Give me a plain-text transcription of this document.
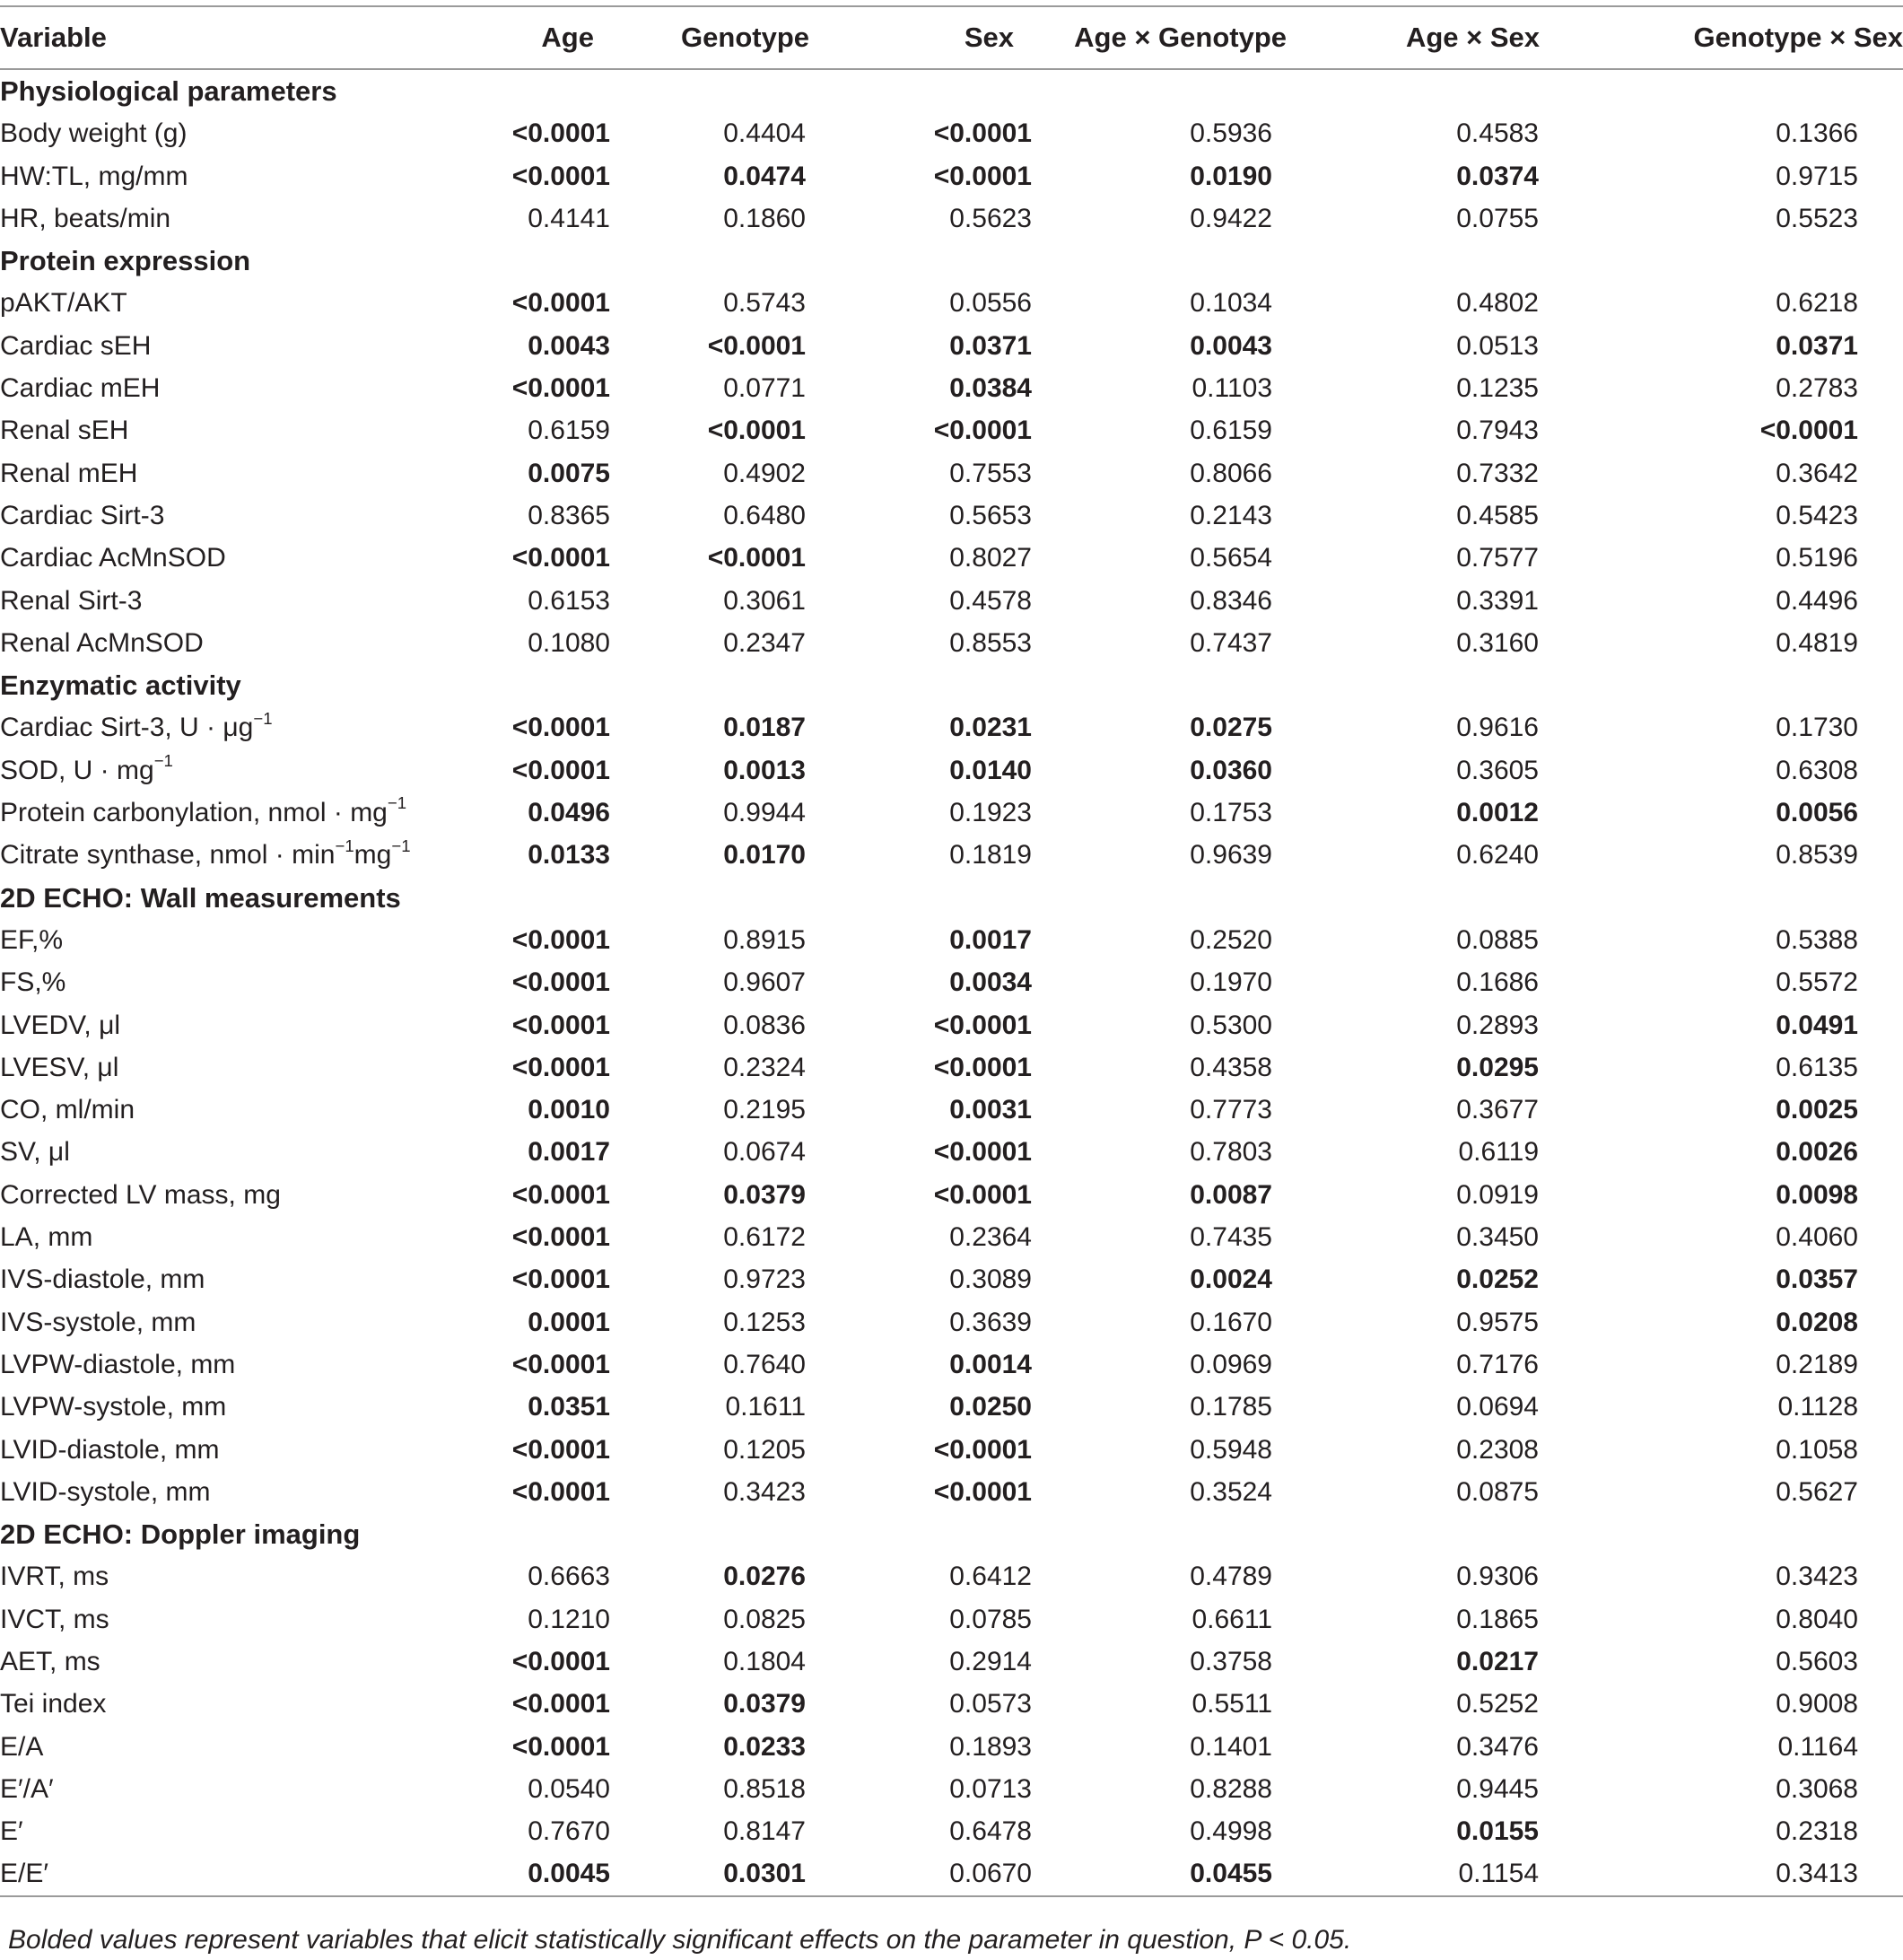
Variable	Age	Genotype	Sex	Age × Genotype	Age × Sex	Genotype × Sex
Physiological parameters						
Body weight (g)	<0.0001	0.4404	<0.0001	0.5936	0.4583	0.1366
HW:TL, mg/mm	<0.0001	0.0474	<0.0001	0.0190	0.0374	0.9715
HR, beats/min	0.4141	0.1860	0.5623	0.9422	0.0755	0.5523
Protein expression						
pAKT/AKT	<0.0001	0.5743	0.0556	0.1034	0.4802	0.6218
Cardiac sEH	0.0043	<0.0001	0.0371	0.0043	0.0513	0.0371
Cardiac mEH	<0.0001	0.0771	0.0384	0.1103	0.1235	0.2783
Renal sEH	0.6159	<0.0001	<0.0001	0.6159	0.7943	<0.0001
Renal mEH	0.0075	0.4902	0.7553	0.8066	0.7332	0.3642
Cardiac Sirt-3	0.8365	0.6480	0.5653	0.2143	0.4585	0.5423
Cardiac AcMnSOD	<0.0001	<0.0001	0.8027	0.5654	0.7577	0.5196
Renal Sirt-3	0.6153	0.3061	0.4578	0.8346	0.3391	0.4496
Renal AcMnSOD	0.1080	0.2347	0.8553	0.7437	0.3160	0.4819
Enzymatic activity						
Cardiac Sirt-3, $U \cdot \mu g^{-1}$	<0.0001	0.0187	0.0231	0.0275	0.9616	0.1730
SOD, $U \cdot mg^{-1}$	<0.0001	0.0013	0.0140	0.0360	0.3605	0.6308
Protein carbonylation, nmol · $mg^{-1}$	0.0496	0.9944	0.1923	0.1753	0.0012	0.0056
Citrate synthase, nmol · $\min^{-1}mg^{-1}$	0.0133	0.0170	0.1819	0.9639	0.6240	0.8539
2D ECHO: Wall measurements						
EF,%	<0.0001	0.8915	0.0017	0.2520	0.0885	0.5388
FS,%	<0.0001	0.9607	0.0034	0.1970	0.1686	0.5572
LVEDV, μl	<0.0001	0.0836	<0.0001	0.5300	0.2893	0.0491
LVESV, μl	<0.0001	0.2324	<0.0001	0.4358	0.0295	0.6135
CO, ml/min	0.0010	0.2195	0.0031	0.7773	0.3677	0.0025
SV, μl	0.0017	0.0674	<0.0001	0.7803	0.6119	0.0026
Corrected LV mass, mg	<0.0001	0.0379	<0.0001	0.0087	0.0919	0.0098
LA, mm	<0.0001	0.6172	0.2364	0.7435	0.3450	0.4060
IVS-diastole, mm	<0.0001	0.9723	0.3089	0.0024	0.0252	0.0357
IVS-systole, mm	0.0001	0.1253	0.3639	0.1670	0.9575	0.0208
LVPW-diastole, mm	<0.0001	0.7640	0.0014	0.0969	0.7176	0.2189
LVPW-systole, mm	0.0351	0.1611	0.0250	0.1785	0.0694	0.1128
LVID-diastole, mm	<0.0001	0.1205	<0.0001	0.5948	0.2308	0.1058
LVID-systole, mm	<0.0001	0.3423	<0.0001	0.3524	0.0875	0.5627
2D ECHO: Doppler imaging						
IVRT, ms	0.6663	0.0276	0.6412	0.4789	0.9306	0.3423
IVCT, ms	0.1210	0.0825	0.0785	0.6611	0.1865	0.8040
AET, ms	<0.0001	0.1804	0.2914	0.3758	0.0217	0.5603
Tei index	<0.0001	0.0379	0.0573	0.5511	0.5252	0.9008
E/A	<0.0001	0.0233	0.1893	0.1401	0.3476	0.1164
E′/A′	0.0540	0.8518	0.0713	0.8288	0.9445	0.3068
E′	0.7670	0.8147	0.6478	0.4998	0.0155	0.2318
E/E′	0.0045	0.0301	0.0670	0.0455	0.1154	0.3413
Bolded values represent variables that elicit statistically significant effects on the parameter in question, P < 0.05.
